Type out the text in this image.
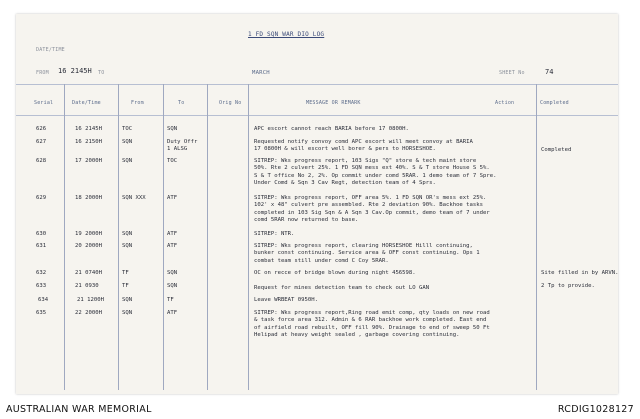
1 FD SQN WAR DIO LOG
DATE/TIME
FROM 16 2145H TO	MARCH	SHEET No	74
Serial	Date/Time	From	To	Orig No	MESSAGE OR REMARK	Action	Completed
626	16 2145H	TOC	SQN	APC escort cannot reach BARIA before 17 0800H.
627	16 2150H	SQN	Duty Offr
1 ALSG
Requested notify convoy comd APC escort will meet convoy at BARIA
17 0800H & will escort well borer & pers to HORSESHOE.	Completed
628	17 2000H	SQN	TOC	SITREP: Wks progress report, 103 Sigs "Q" store & tech maint store
50%. Rte 2 culvert 25%. 1 FD SQN mess ext 40%. S & T store House S 5%.
S & T office No 2, 2%. Op commit under comd 5RAR. 1 demo team of 7 Spre.
Under Comd & Sqn 3 Cav Regt, detection team of 4 Sprs.
629	18 2000H	SQN XXX	ATF	SITREP: Wks progress report, OFF area 5%. 1 FD SQN OR's mess ext 25%.
102' x 48" culvert pre assembled. Rte 2 deviation 90%. Backhoe tasks
completed in 103 Sig Sqn & A Sqn 3 Cav.Op commit, demo team of 7 under
comd 5RAR now returned to base.
630	19 2000H	SQN	ATF	SITREP: NTR.
631	20 2000H	SQN	ATF	SITREP: Wks progress report, clearing HORSESHOE Hilll continuing,
bunker const continuing. Service area & OFF const continuing. Ops 1
combat team still under comd C Coy 5RAR.
632	21 0740H	TF	SQN	OC on recce of bridge blown during night 456598.	Site filled in by ARVN.
633	21 0930	TF	SQN	Request for mines detection team to check out LO GAN	2 Tp to provide.
634	21 1200H	SQN	TF	Leave WRBEAT 0950H.
635	22 2000H	SQN	ATF	SITREP: Wks progress report,Ring road emit comp, qty loads on new road
& task force area 312. Admin & 6 RAR backhoe work completed. East end
of airfield road rebuilt, OFF fill 90%. Drainage to end of sweep 50 Ft
Helipad at heavy weight sealed , garbage covering continuing.
AUSTRALIAN WAR MEMORIAL	RCDIG1028127
